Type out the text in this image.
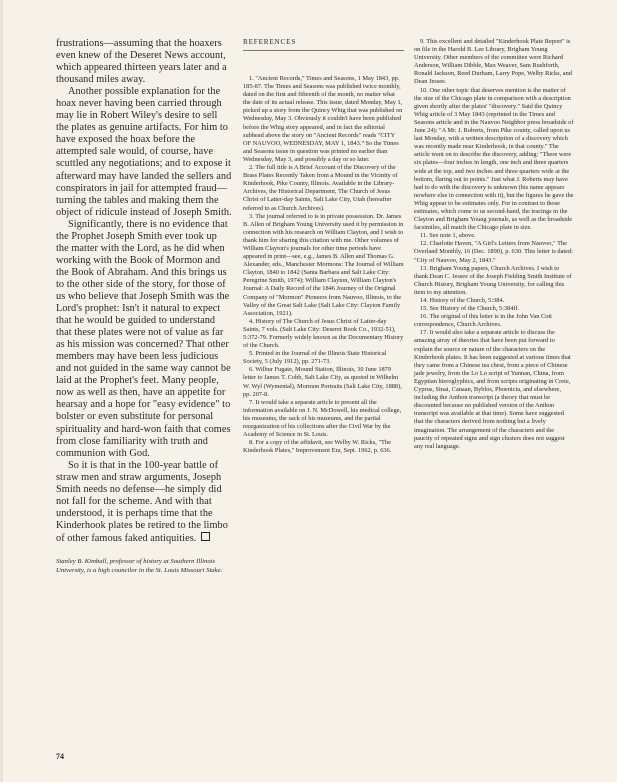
frustrations—assuming that the hoaxers even knew of the Deseret News account, which appeared thirteen years later and a thousand miles away.

Another possible explanation for the hoax never having been carried through may lie in Robert Wiley's desire to sell the plates as genuine artifacts. For him to have exposed the hoax before the attempted sale would, of course, have scuttled any negotiations; and to expose it afterward may have landed the sellers and conspirators in jail for attempted fraud—turning the tables and making them the object of ridicule instead of Joseph Smith.

Significantly, there is no evidence that the Prophet Joseph Smith ever took up the matter with the Lord, as he did when working with the Book of Mormon and the Book of Abraham. And this brings us to the other side of the story, for those of us who believe that Joseph Smith was the Lord's prophet: Isn't it natural to expect that he would be guided to understand that these plates were not of value as far as his mission was concerned? That other members may have been less judicious and not guided in the same way cannot be laid at the Prophet's feet. Many people, now as well as then, have an appetite for hearsay and a hope for "easy evidence" to bolster or even substitute for personal spirituality and hard-won faith that comes from close familiarity with truth and communion with God.

So it is that in the 100-year battle of straw men and straw arguments, Joseph Smith needs no defense—he simply did not fall for the scheme. And with that understood, it is perhaps time that the Kinderhook plates be retired to the limbo of other famous faked antiquities.

Stanley B. Kimball, professor of history at Southern Illinois University, is a high councilor in the St. Louis Missouri Stake.
REFERENCES

1. "Ancient Records," Times and Seasons, 1 May 1843, pp. 185-87. The Times and Seasons was published twice monthly, dated on the first and fifteenth of the month, no matter what the date of its actual release. This issue, dated Monday, May 1, picked up a story from the Quincy Whig that was published on Wednesday, May 3. Obviously it couldn't have been published before the Whig story appeared, and in fact the editorial subhead above the story on "Ancient Records" reads "CITY OF NAUVOO, WEDNESDAY, MAY 1, 1843." So the Times and Seasons issue in question was printed no earlier than Wednesday, May 3, and possibly a day or so later.

2. The full title is A Brief Account of the Discovery of the Brass Plates Recently Taken from a Mound in the Vicinity of Kinderhook, Pike County, Illinois. Available in the Library-Archives, the Historical Department, The Church of Jesus Christ of Latter-day Saints, Salt Lake City, Utah (hereafter referred to as Church Archives).

3. The journal referred to is in private possession. Dr. James B. Allen of Brigham Young University used it by permission in connection with his research on William Clayton, and I wish to thank him for sharing this citation with me. Other volumes of William Clayton's journals for other time periods have appeared in print—see, e.g., James B. Allen and Thomas G. Alexander, eds., Manchester Mormons: The Journal of William Clayton, 1840 to 1842 (Santa Barbara and Salt Lake City: Peregrine Smith, 1974); William Clayton, William Clayton's Journal: A Daily Record of the 1846 Journey of the Original Company of "Mormon" Pioneers from Nauvoo, Illinois, to the Valley of the Great Salt Lake (Salt Lake City: Clayton Family Association, 1921).

4. History of The Church of Jesus Christ of Latter-day Saints, 7 vols. (Salt Lake City: Deseret Book Co., 1932-51), 5:372-79. Formerly widely known as the Documentary History of the Church.

5. Printed in the Journal of the Illinois State Historical Society, 5 (July 1912), pp. 271-73.

6. Wilbur Fugate, Mound Station, Illinois, 30 June 1879 letter to James T. Cobb, Salt Lake City, as quoted in Wilhelm W. Wyl (Wymental), Mormon Portraits (Salt Lake City, 1888), pp. 207-8.

7. It would take a separate article to present all the information available on J. N. McDowell, his medical college, his museums, the sack of his museums, and the partial reorganization of his collections after the Civil War by the Academy of Science in St. Louis.

8. For a copy of the affidavit, see Welby W. Ricks, "The Kinderhook Plates," Improvement Era, Sept. 1962, p. 636.

9. This excellent and detailed "Kinderhook Plate Report" is on file in the Harold B. Lee Library, Brigham Young University. Other members of the committee were Richard Anderson, William Dibble, Max Weaver, Sam Rushforth, Ronald Jackson, Reed Durham, Larry Pope, Welby Ricks, and Dean Jessee.

10. One other topic that deserves mention is the matter of the size of the Chicago plate in comparison with a description given shortly after the plates' "discovery." Said the Quincy Whig article of 3 May 1843 (reprinted in the Times and Seasons article and in the Nauvoo Neighbor press broadside of June 24): "A Mr. J. Roberts, from Pike county, called upon us last Monday, with a written description of a discovery which was recently made near Kinderhook, in that county." The article went on to describe the discovery, adding: "There were six plates—four inches in length, one inch and three quarters wide at the top, and two inches and three quarters wide at the bottom, flaring out to points." Just what J. Roberts may have had to do with the discovery is unknown (his name appears nowhere else in connection with it), but the figures he gave the Whig appear to be estimates only. For in contrast to those estimates, which come to us second-hand, the tracings in the Clayton and Brigham Young journals, as well as the broadside facsimiles, all match the Chicago plate in size.

11. See note 1, above.

12. Charlotte Haven, "A Girl's Letters from Nauvoo," The Overland Monthly, 16 (Dec. 1890), p. 630. This letter is dated: "City of Nauvoo, May 2, 1843."

13. Brigham Young papers, Church Archives. I wish to thank Dean C. Jessee of the Joseph Fielding Smith Institute of Church History, Brigham Young University, for calling this item to my attention.

14. History of the Church, 5:384.

15. See History of the Church, 5:384ff.

16. The original of this letter is in the John Van Cott correspondence, Church Archives.

17. It would also take a separate article to discuss the amazing array of theories that have been put forward to explain the source or nature of the characters on the Kinderhook plates. It has been suggested at various times that they came from a Chinese tea chest, from a piece of Chinese jade jewelry, from the Lo Lo script of Yunnan, China, from Egyptian hieroglyphics, and from scripts originating in Crete, Cyprus, Sinai, Canaan, Byblos, Phoenicia, and elsewhere, including the Anthon transcript (a theory that must be discounted because no published version of the Anthon transcript was available at that time). Some have suggested that the characters derived from nothing but a lively imagination. The arrangement of the characters and the paucity of repeated signs and sign clusters does not suggest any real language.

74
